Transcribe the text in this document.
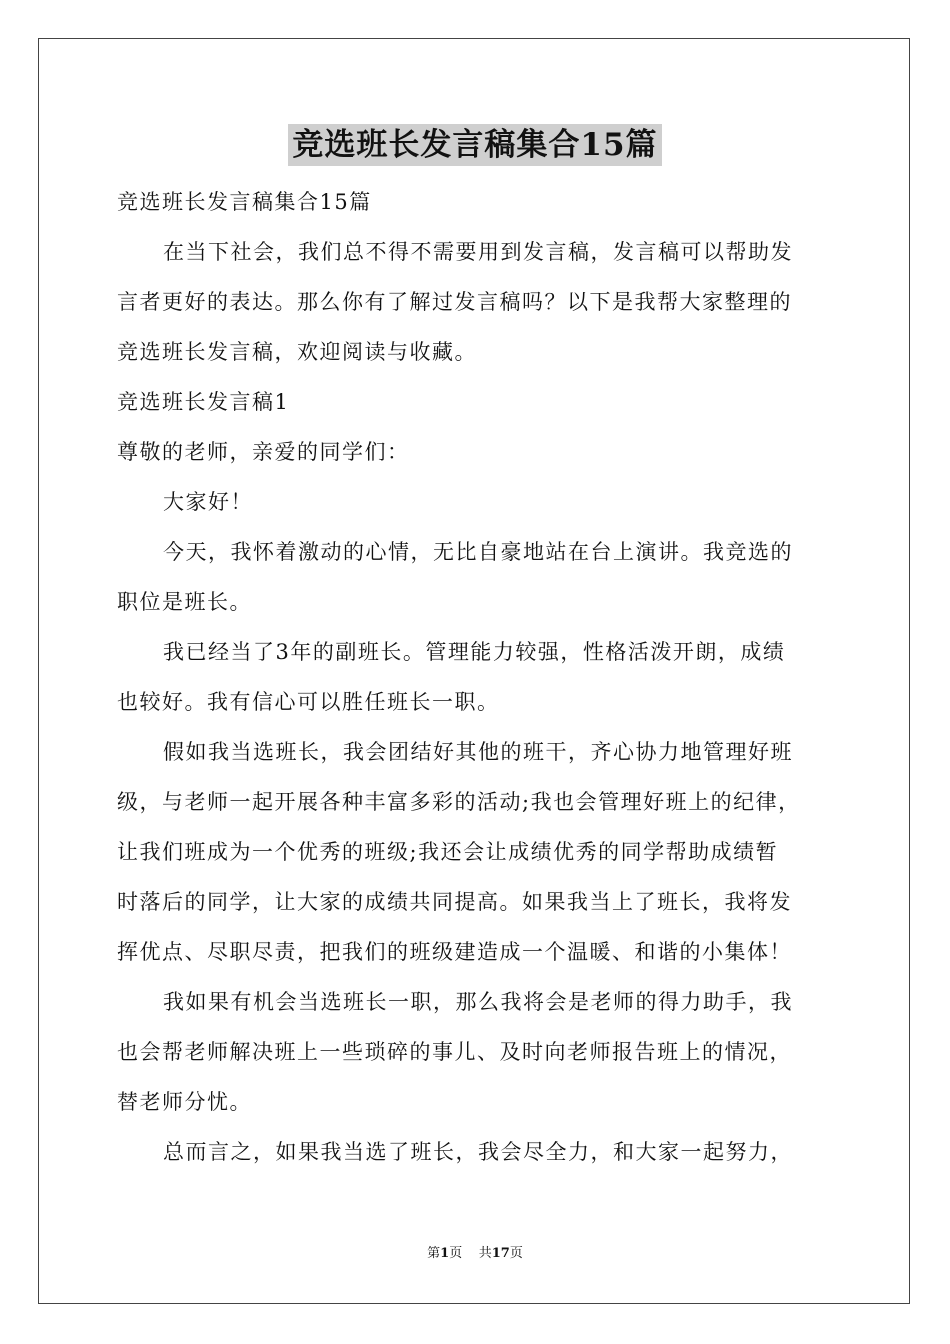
竞选班长发言稿集合15篇
竞选班长发言稿集合15篇
在当下社会，我们总不得不需要用到发言稿，发言稿可以帮助发
言者更好的表达。那么你有了解过发言稿吗？以下是我帮大家整理的
竞选班长发言稿，欢迎阅读与收藏。
竞选班长发言稿1
尊敬的老师，亲爱的同学们：
大家好！
今天，我怀着激动的心情，无比自豪地站在台上演讲。我竞选的
职位是班长。
我已经当了3年的副班长。管理能力较强，性格活泼开朗，成绩
也较好。我有信心可以胜任班长一职。
假如我当选班长，我会团结好其他的班干，齐心协力地管理好班
级，与老师一起开展各种丰富多彩的活动;我也会管理好班上的纪律，
让我们班成为一个优秀的班级;我还会让成绩优秀的同学帮助成绩暂
时落后的同学，让大家的成绩共同提高。如果我当上了班长，我将发
挥优点、尽职尽责，把我们的班级建造成一个温暖、和谐的小集体！
我如果有机会当选班长一职，那么我将会是老师的得力助手，我
也会帮老师解决班上一些琐碎的事儿、及时向老师报告班上的情况，
替老师分忧。
总而言之，如果我当选了班长，我会尽全力，和大家一起努力，
第1页 共17页
